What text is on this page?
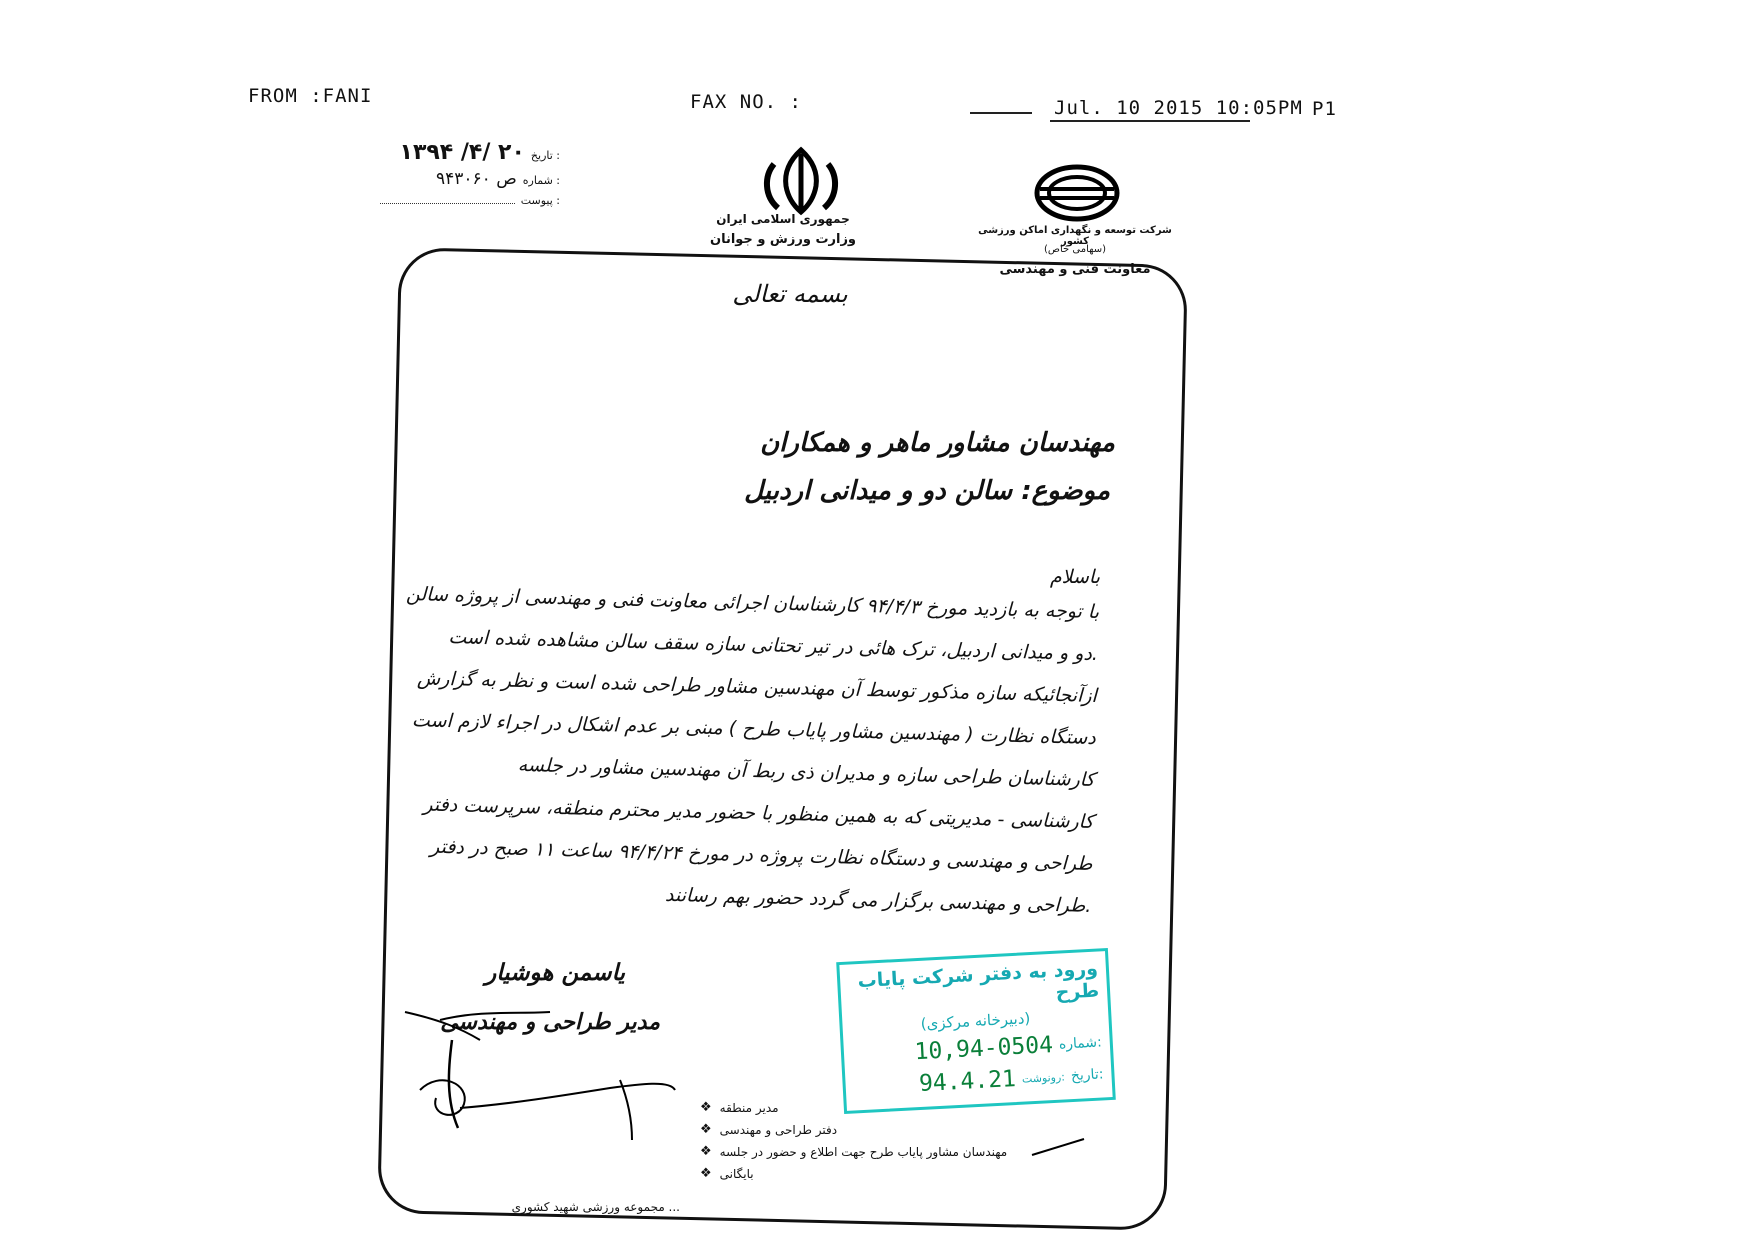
FROM :FANI	FAX NO. :	Jul. 10 2015 10:05PM P1
تاریخ :
۱۳۹۴ /۴/ ۲۰
شماره :
۹۴۳۰۶۰ ص
پیوست :
جمهوری اسلامی ایران
وزارت ورزش و جوانان
شرکت توسعه و نگهداری اماکن ورزشی کشور
(سهامی خاص)
معاونت فنی و مهندسی
بسمه تعالی
مهندسان مشاور ماهر و همکاران
موضوع: سالن دو و میدانی اردبیل
باسلام
با توجه به بازدید مورخ ۹۴/۴/۳ کارشناسان اجرائی معاونت فنی و مهندسی از پروژه سالن
دو و میدانی اردبیل، ترک هائی در تیر تحتانی سازه سقف سالن مشاهده شده است.
ازآنجائیکه سازه مذکور توسط آن مهندسین مشاور طراحی شده است و نظر به گزارش
دستگاه نظارت ( مهندسین مشاور پایاب طرح ) مبنی بر عدم اشکال در اجراء لازم است
کارشناسان طراحی سازه و مدیران ذی ربط آن مهندسین مشاور در جلسه
کارشناسی - مدیریتی که به همین منظور با حضور مدیر محترم منطقه، سرپرست دفتر
طراحی و مهندسی و دستگاه نظارت پروژه در مورخ ۹۴/۴/۲۴ ساعت ۱۱ صبح در دفتر
طراحی و مهندسی برگزار می گردد حضور بهم رسانند.
یاسمن هوشیار
مدیر طراحی و مهندسی
ورود به دفتر شرکت پایاب طرح
(دبیرخانه مرکزی)
شماره:
10,94-0504
تاریخ:
رونوشت:
94.4.21
❖ مدیر منطقه
❖ دفتر طراحی و مهندسی
❖ مهندسان مشاور پایاب طرح جهت اطلاع و حضور در جلسه
❖ بایگانی
... مجموعه ورزشی شهید کشوری
